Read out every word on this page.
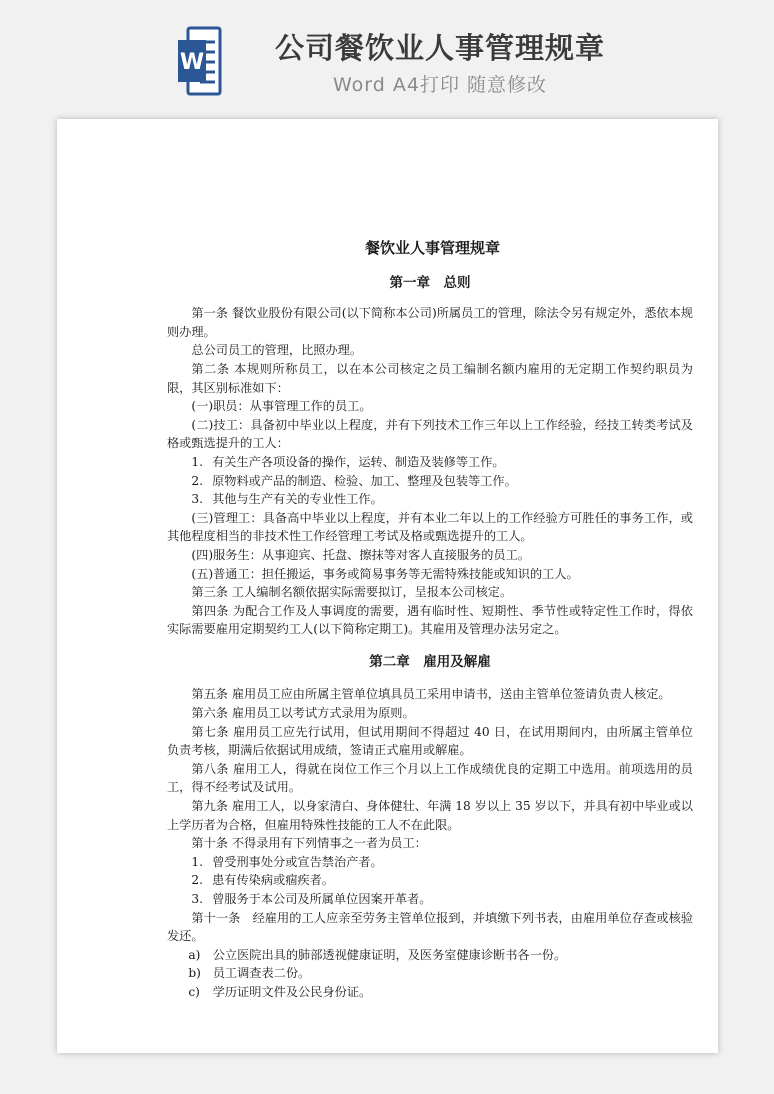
W	公司餐饮业人事管理规章
Word A4打印 随意修改
餐饮业人事管理规章
第一章　总则
第一条 餐饮业股份有限公司(以下简称本公司)所属员工的管理，除法令另有规定外，悉依本规则办理。
总公司员工的管理，比照办理。
第二条 本规则所称员工，以在本公司核定之员工编制名额内雇用的无定期工作契约职员为限，其区别标准如下：
(一)职员：从事管理工作的员工。
(二)技工：具备初中毕业以上程度，并有下列技术工作三年以上工作经验，经技工转类考试及格或甄选提升的工人：
1. 有关生产各项设备的操作，运转、制造及装修等工作。
2. 原物料或产品的制造、检验、加工、整理及包装等工作。
3. 其他与生产有关的专业性工作。
(三)管理工：具备高中毕业以上程度，并有本业二年以上的工作经验方可胜任的事务工作，或其他程度相当的非技术性工作经管理工考试及格或甄选提升的工人。
(四)服务生：从事迎宾、托盘、擦抹等对客人直接服务的员工。
(五)普通工：担任搬运，事务或简易事务等无需特殊技能或知识的工人。
第三条 工人编制名额依据实际需要拟订，呈报本公司核定。
第四条 为配合工作及人事调度的需要，遇有临时性、短期性、季节性或特定性工作时，得依实际需要雇用定期契约工人(以下简称定期工)。其雇用及管理办法另定之。
第二章　雇用及解雇
第五条 雇用员工应由所属主管单位填具员工采用申请书，送由主管单位签请负责人核定。
第六条 雇用员工以考试方式录用为原则。
第七条 雇用员工应先行试用，但试用期间不得超过 40 日，在试用期间内，由所属主管单位负责考核，期满后依据试用成绩，签请正式雇用或解雇。
第八条 雇用工人，得就在岗位工作三个月以上工作成绩优良的定期工中选用。前项选用的员工，得不经考试及试用。
第九条 雇用工人，以身家清白、身体健壮、年满 18 岁以上 35 岁以下，并具有初中毕业或以上学历者为合格，但雇用特殊性技能的工人不在此限。
第十条 不得录用有下列情事之一者为员工：
1. 曾受刑事处分或宣告禁治产者。
2. 患有传染病或痼疾者。
3. 曾服务于本公司及所属单位因案开革者。
第十一条　经雇用的工人应亲至劳务主管单位报到，并填缴下列书表，由雇用单位存查或核验发还。
a) 公立医院出具的肺部透视健康证明，及医务室健康诊断书各一份。
b) 员工调查表二份。
c) 学历证明文件及公民身份证。
